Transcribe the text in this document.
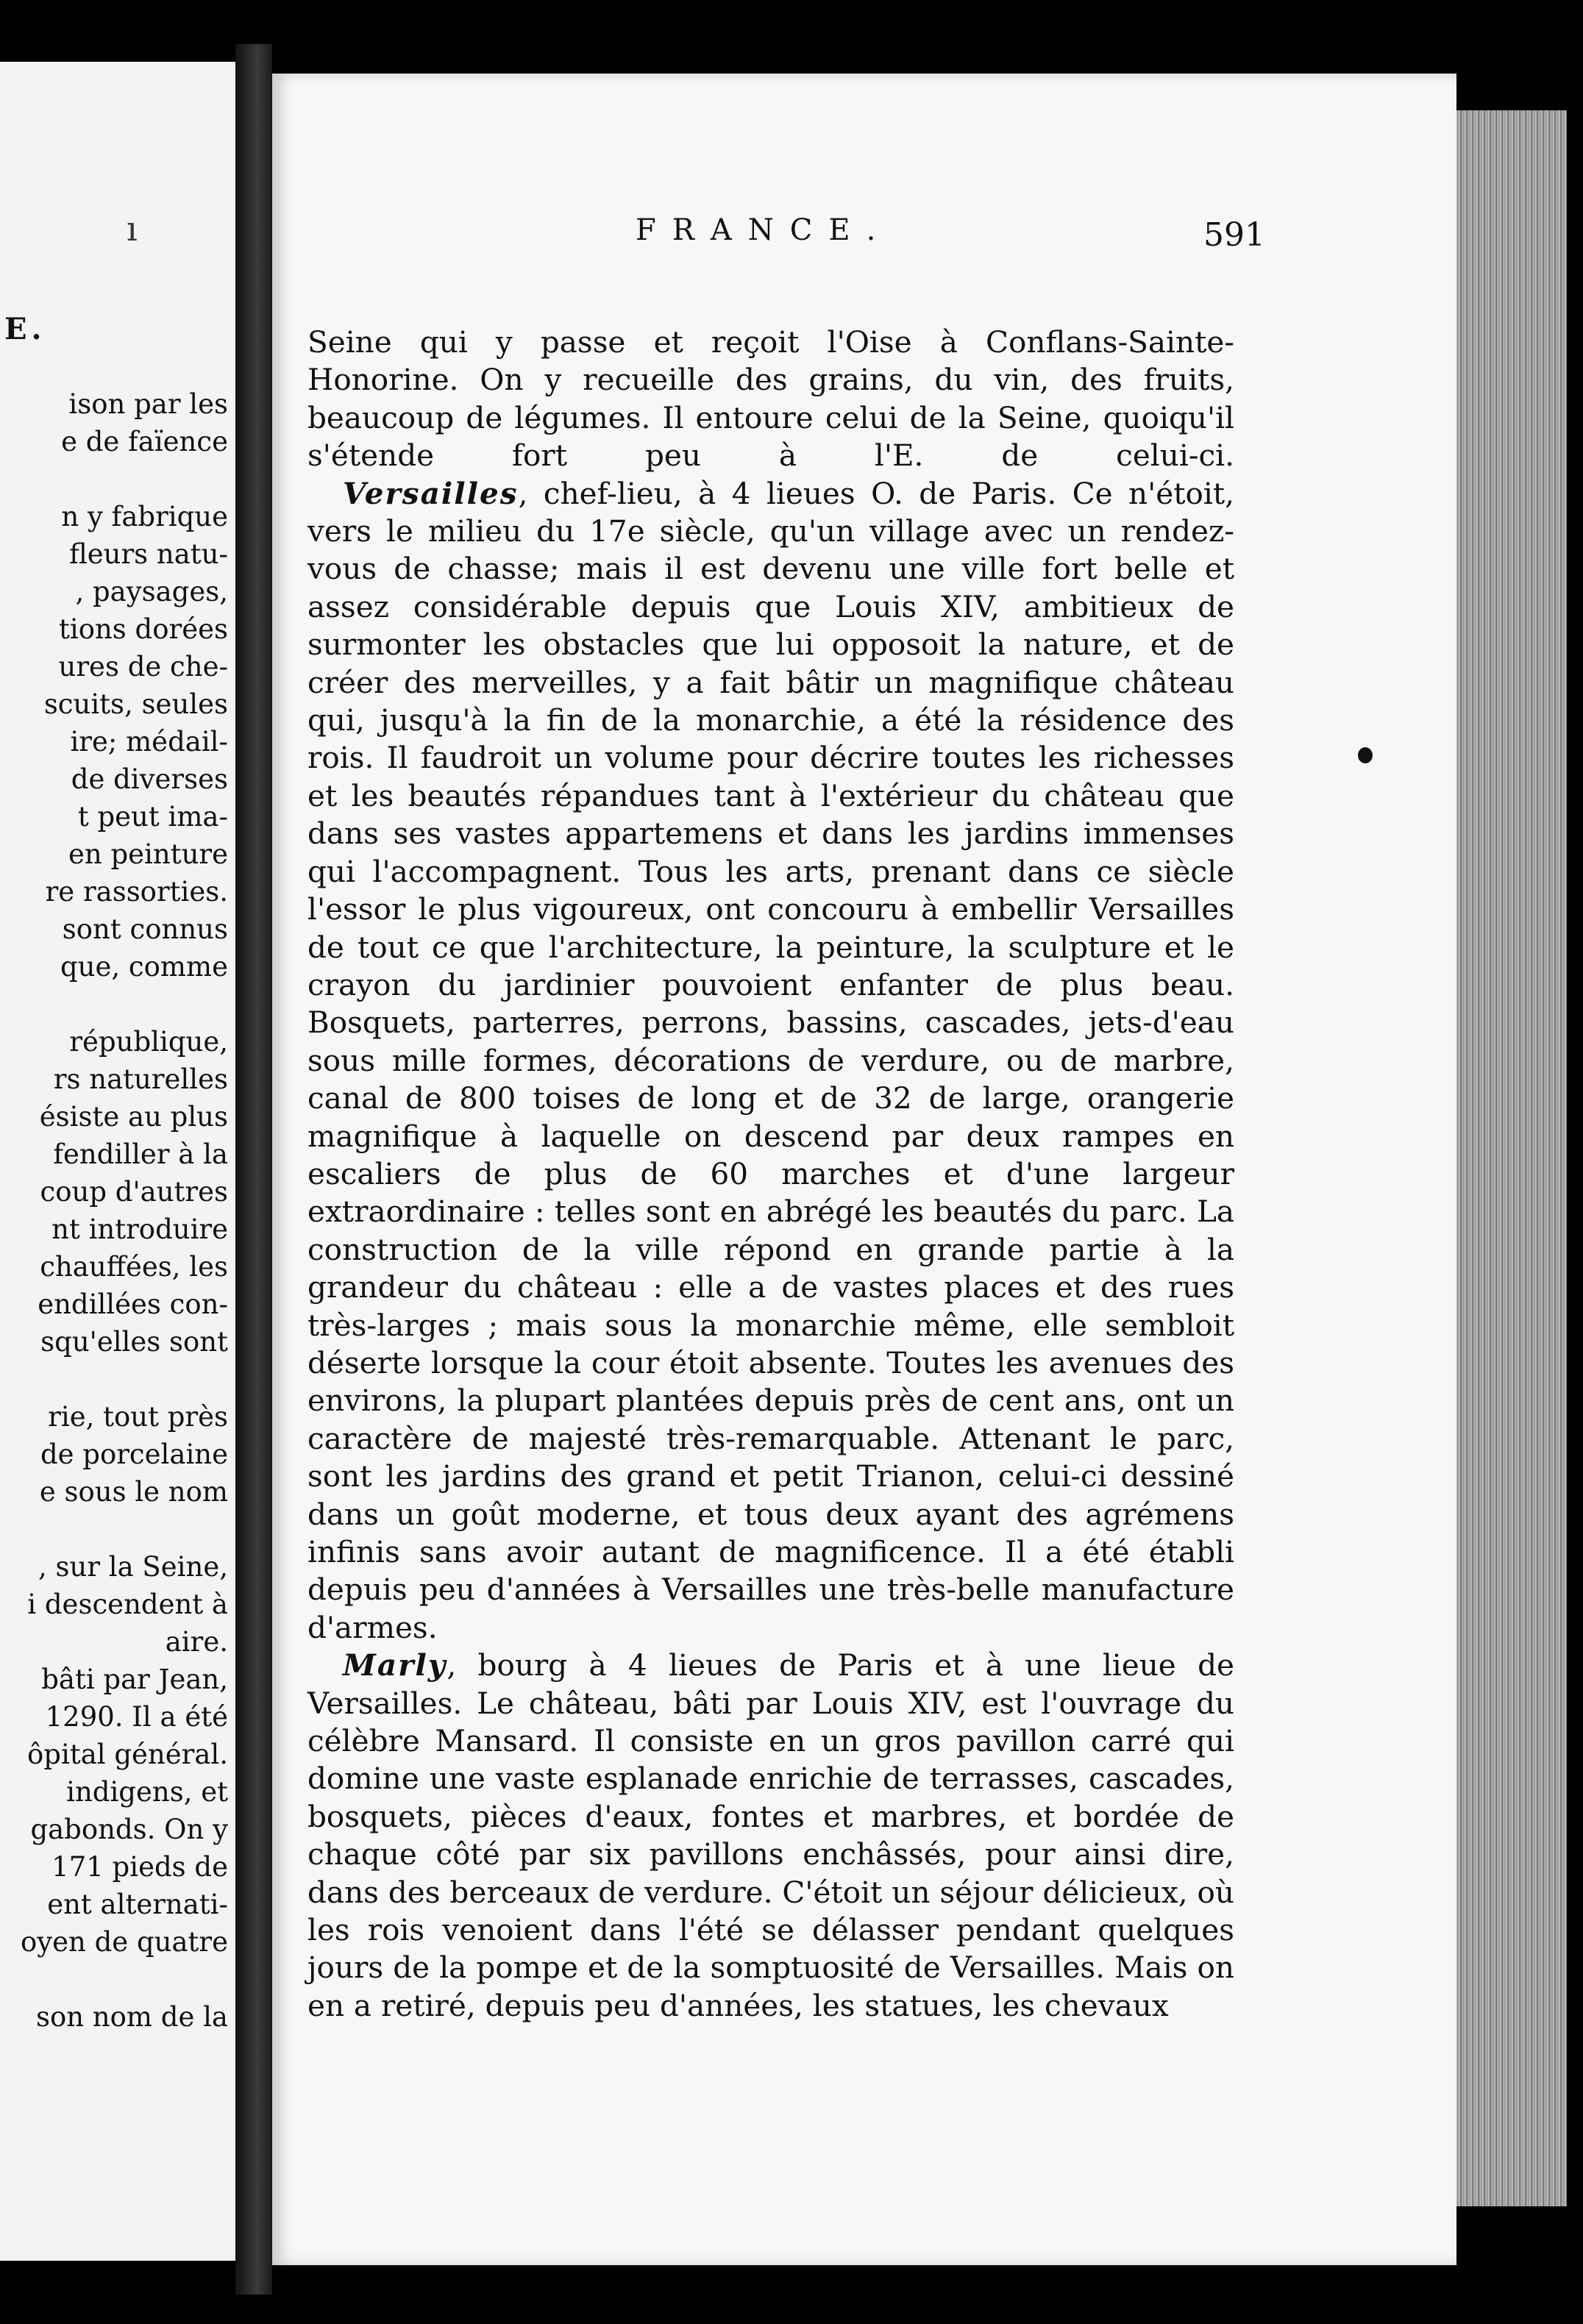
ı
E.
ison par les
e de faïence
n y fabrique
fleurs natu-
, paysages,
tions dorées
ures de che-
scuits, seules
ire; médail-
de diverses
t peut ima-
en peinture
re rassorties.
sont connus
que, comme
république,
rs naturelles
ésiste au plus
fendiller à la
coup d'autres
nt introduire
chauffées, les
endillées con-
squ'elles sont
rie, tout près
de porcelaine
e sous le nom
, sur la Seine,
i descendent à
aire.
bâti par Jean,
1290. Il a été
ôpital général.
indigens, et
gabonds. On y
171 pieds de
ent alternati-
oyen de quatre
son nom de la
FRANCE.	591

Seine qui y passe et reçoit l'Oise à Conflans-Sainte-Honorine. On y recueille des grains, du vin, des fruits, beaucoup de légumes. Il entoure celui de la Seine, quoiqu'il s'étende fort peu à l'E. de celui-ci.

Versailles, chef-lieu, à 4 lieues O. de Paris. Ce n'étoit, vers le milieu du 17e siècle, qu'un village avec un rendez-vous de chasse; mais il est devenu une ville fort belle et assez considérable depuis que Louis XIV, ambitieux de surmonter les obstacles que lui opposoit la nature, et de créer des merveilles, y a fait bâtir un magnifique château qui, jusqu'à la fin de la monarchie, a été la résidence des rois. Il faudroit un volume pour décrire toutes les richesses et les beautés répandues tant à l'extérieur du château que dans ses vastes appartemens et dans les jardins immenses qui l'accompagnent. Tous les arts, prenant dans ce siècle l'essor le plus vigoureux, ont concouru à embellir Versailles de tout ce que l'architecture, la peinture, la sculpture et le crayon du jardinier pouvoient enfanter de plus beau. Bosquets, parterres, perrons, bassins, cascades, jets-d'eau sous mille formes, décorations de verdure, ou de marbre, canal de 800 toises de long et de 32 de large, orangerie magnifique à laquelle on descend par deux rampes en escaliers de plus de 60 marches et d'une largeur extraordinaire : telles sont en abrégé les beautés du parc. La construction de la ville répond en grande partie à la grandeur du château : elle a de vastes places et des rues très-larges ; mais sous la monarchie même, elle sembloit déserte lorsque la cour étoit absente. Toutes les avenues des environs, la plupart plantées depuis près de cent ans, ont un caractère de majesté très-remarquable. Attenant le parc, sont les jardins des grand et petit Trianon, celui-ci dessiné dans un goût moderne, et tous deux ayant des agrémens infinis sans avoir autant de magnificence. Il a été établi depuis peu d'années à Versailles une très-belle manufacture d'armes.

Marly, bourg à 4 lieues de Paris et à une lieue de Versailles. Le château, bâti par Louis XIV, est l'ouvrage du célèbre Mansard. Il consiste en un gros pavillon carré qui domine une vaste esplanade enrichie de terrasses, cascades, bosquets, pièces d'eaux, fontes et marbres, et bordée de chaque côté par six pavillons enchâssés, pour ainsi dire, dans des berceaux de verdure. C'étoit un séjour délicieux, où les rois venoient dans l'été se délasser pendant quelques jours de la pompe et de la somptuosité de Versailles. Mais on en a retiré, depuis peu d'années, les statues, les chevaux
